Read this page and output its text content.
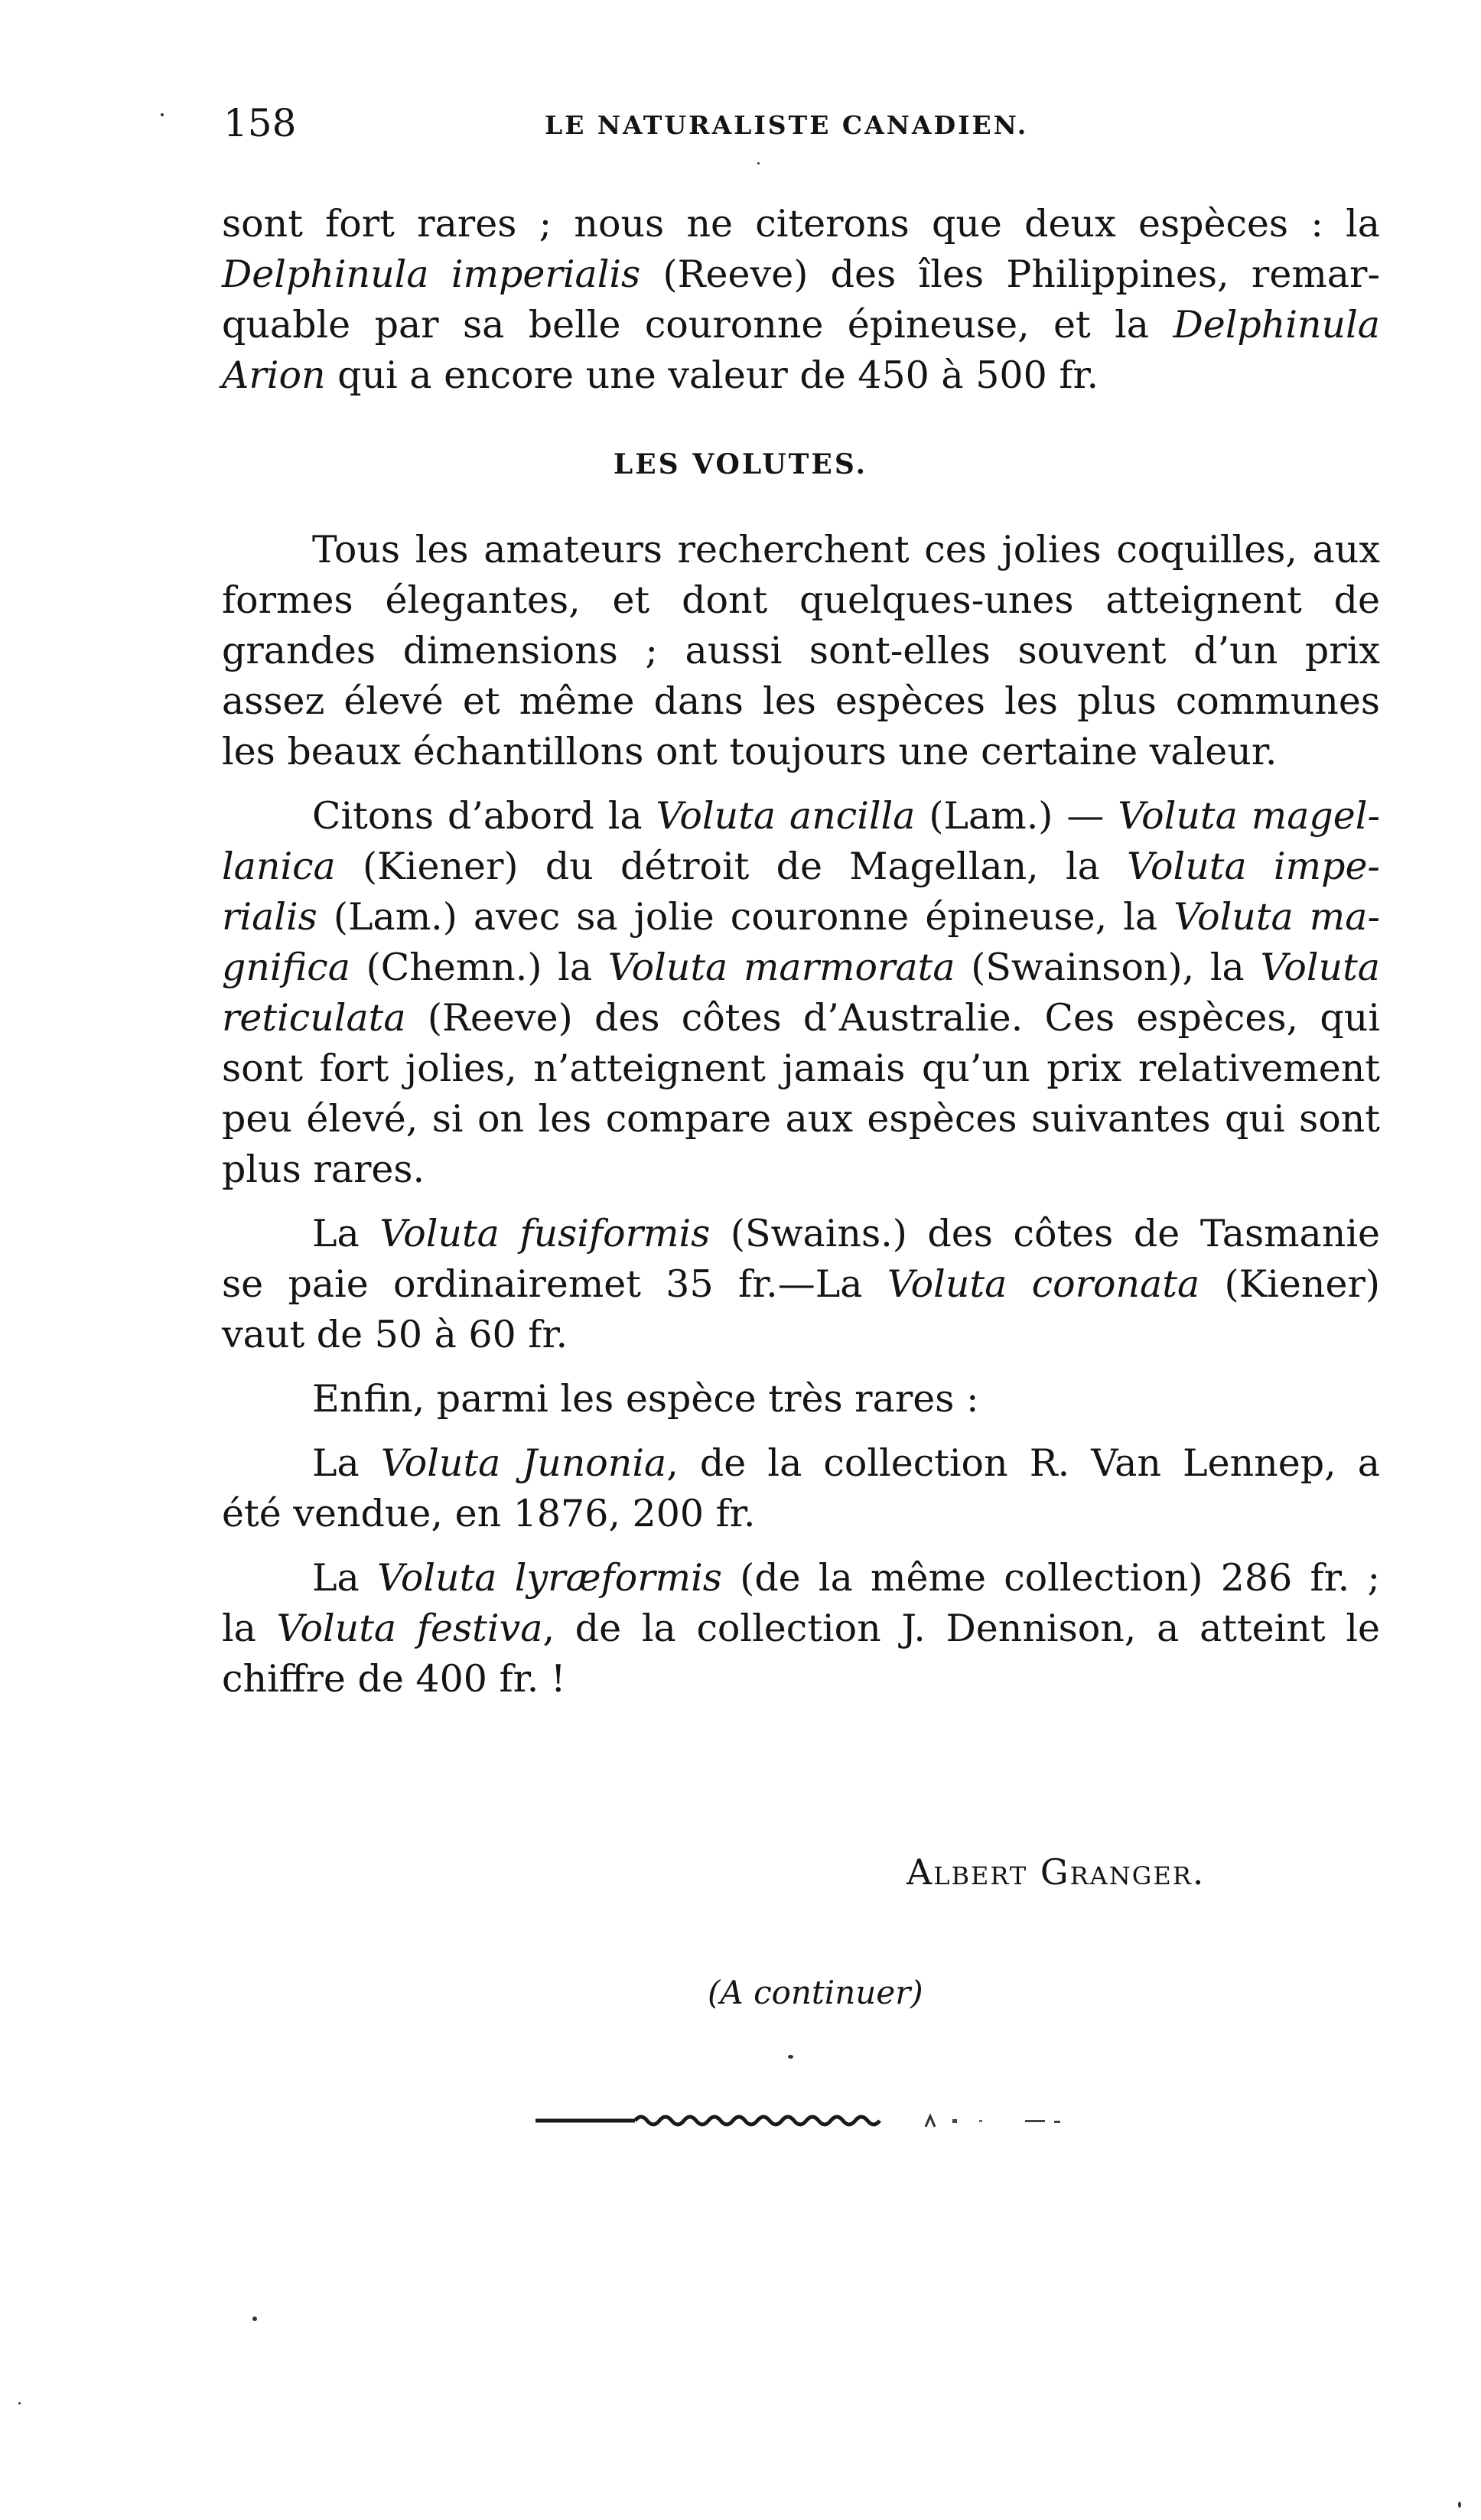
158	LE NATURALISTE CANADIEN.
sont fort rares ; nous ne citerons que deux espèces : la
Delphinula imperialis (Reeve) des îles Philippines, remar-
quable par sa belle couronne épineuse, et la Delphinula
Arion qui a encore une valeur de 450 à 500 fr.
LES VOLUTES.
Tous les amateurs recherchent ces jolies coquilles, aux
formes élegantes, et dont quelques-unes atteignent de
grandes dimensions ; aussi sont-elles souvent d’un prix
assez élevé et même dans les espèces les plus communes
les beaux échantillons ont toujours une certaine valeur.
Citons d’abord la Voluta ancilla (Lam.) — Voluta magel-
lanica (Kiener) du détroit de Magellan, la Voluta impe-
rialis (Lam.) avec sa jolie couronne épineuse, la Voluta ma-
gnifica (Chemn.) la Voluta marmorata (Swainson), la Voluta
reticulata (Reeve) des côtes d’Australie. Ces espèces, qui
sont fort jolies, n’atteignent jamais qu’un prix relativement
peu élevé, si on les compare aux espèces suivantes qui sont
plus rares.
La Voluta fusiformis (Swains.) des côtes de Tasmanie
se paie ordinairemet 35 fr.—La Voluta coronata (Kiener)
vaut de 50 à 60 fr.
Enfin, parmi les espèce très rares :
La Voluta Junonia, de la collection R. Van Lennep, a
été vendue, en 1876, 200 fr.
La Voluta lyræformis (de la même collection) 286 fr. ;
la Voluta festiva, de la collection J. Dennison, a atteint le
chiffre de 400 fr. !
Albert Granger.
(A continuer)
